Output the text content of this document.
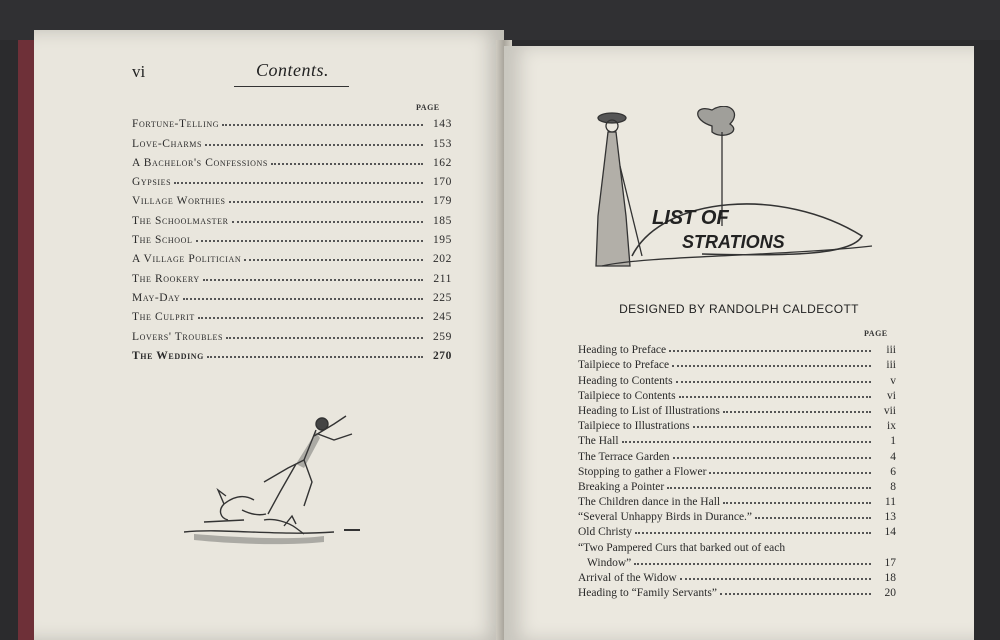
vi	Contents.
PAGE
Fortune-Telling	143
Love-Charms	153
A Bachelor's Confessions	162
Gypsies	170
Village Worthies	179
The Schoolmaster	185
The School	195
A Village Politician	202
The Rookery	211
May-Day	225
The Culprit	245
Lovers' Troubles	259
The Wedding	270
LIST OF
STRATIONS
DESIGNED BY RANDOLPH CALDECOTT
PAGE
Heading to Preface	iii
Tailpiece to Preface	iii
Heading to Contents	v
Tailpiece to Contents	vi
Heading to List of Illustrations	vii
Tailpiece to Illustrations	ix
The Hall	1
The Terrace Garden	4
Stopping to gather a Flower	6
Breaking a Pointer	8
The Children dance in the Hall	11
“Several Unhappy Birds in Durance.”	13
Old Christy	14
“Two Pampered Curs that barked out of each
Window”	17
Arrival of the Widow	18
Heading to “Family Servants”	20
